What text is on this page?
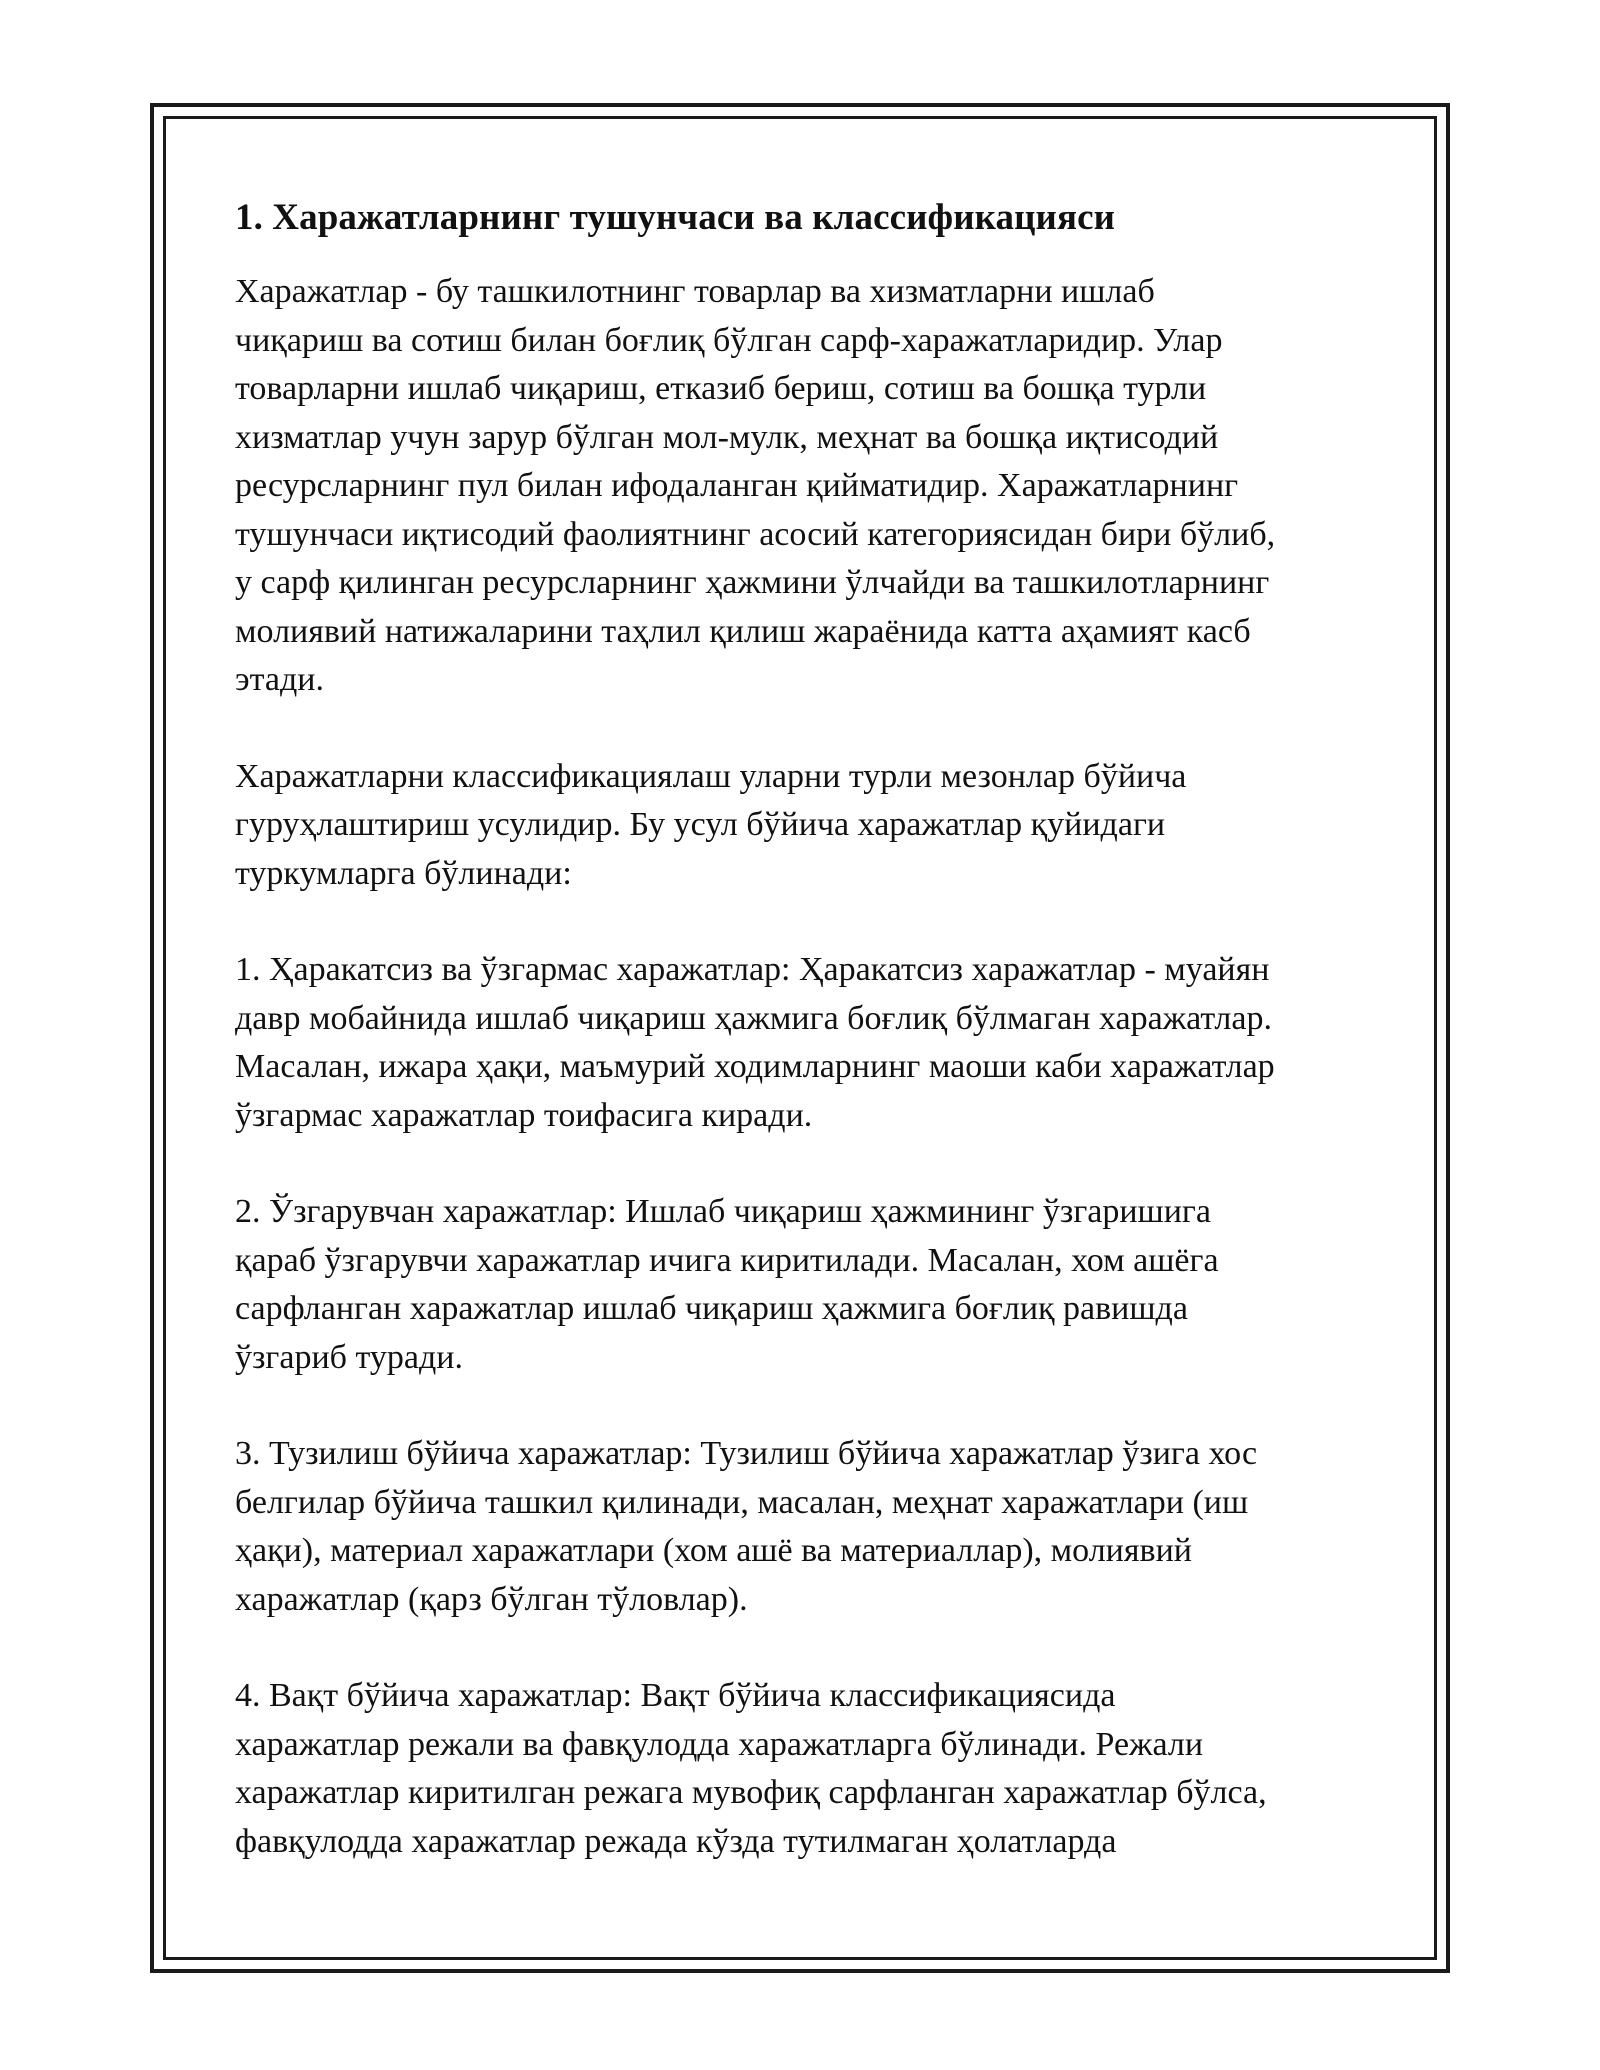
1. Харажатларнинг тушунчаси ва классификацияси

Харажатлар - бу ташкилотнинг товарлар ва хизматларни ишлаб
чиқариш ва сотиш билан боғлиқ бўлган сарф-харажатларидир. Улар
товарларни ишлаб чиқариш, етказиб бериш, сотиш ва бошқа турли
хизматлар учун зарур бўлган мол-мулк, меҳнат ва бошқа иқтисодий
ресурсларнинг пул билан ифодаланган қийматидир. Харажатларнинг
тушунчаси иқтисодий фаолиятнинг асосий категориясидан бири бўлиб,
у сарф қилинган ресурсларнинг ҳажмини ўлчайди ва ташкилотларнинг
молиявий натижаларини таҳлил қилиш жараёнида катта аҳамият касб
этади.

Харажатларни классификациялаш уларни турли мезонлар бўйича
гуруҳлаштириш усулидир. Бу усул бўйича харажатлар қуйидаги
туркумларга бўлинади:

1. Ҳаракатсиз ва ўзгармас харажатлар: Ҳаракатсиз харажатлар - муайян
давр мобайнида ишлаб чиқариш ҳажмига боғлиқ бўлмаган харажатлар.
Масалан, ижара ҳақи, маъмурий ходимларнинг маоши каби харажатлар
ўзгармас харажатлар тоифасига киради.

2. Ўзгарувчан харажатлар: Ишлаб чиқариш ҳажмининг ўзгаришига
қараб ўзгарувчи харажатлар ичига киритилади. Масалан, хом ашёга
сарфланган харажатлар ишлаб чиқариш ҳажмига боғлиқ равишда
ўзгариб туради.

3. Тузилиш бўйича харажатлар: Тузилиш бўйича харажатлар ўзига хос
белгилар бўйича ташкил қилинади, масалан, меҳнат харажатлари (иш
ҳақи), материал харажатлари (хом ашё ва материаллар), молиявий
харажатлар (қарз бўлган тўловлар).

4. Вақт бўйича харажатлар: Вақт бўйича классификациясида
харажатлар режали ва фавқулодда харажатларга бўлинади. Режали
харажатлар киритилган режага мувофиқ сарфланган харажатлар бўлса,
фавқулодда харажатлар режада кўзда тутилмаган ҳолатларда
